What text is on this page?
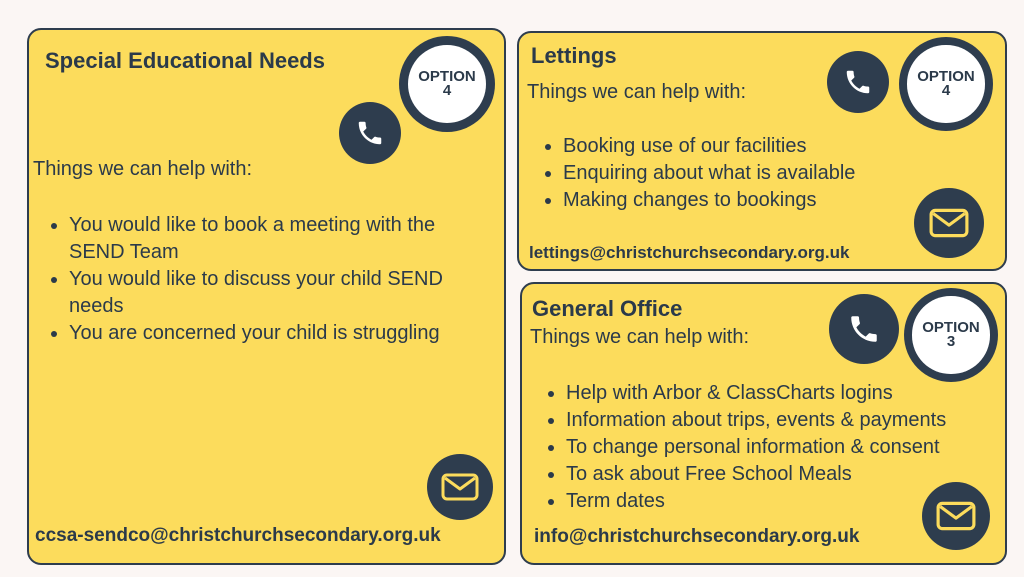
Special Educational Needs
OPTION
4
Things we can help with:
You would like to book a meeting with the SEND Team
You would like to discuss your child SEND needs
You are concerned your child is struggling
ccsa-sendco@christchurchsecondary.org.uk
Lettings
OPTION
4
Things we can help with:
Booking use of our facilities
Enquiring about what is available
Making changes to bookings
lettings@christchurchsecondary.org.uk
General Office
OPTION
3
Things we can help with:
Help with Arbor & ClassCharts logins
Information about trips, events & payments
To change personal information & consent
To ask about Free School Meals
Term dates
info@christchurchsecondary.org.uk
